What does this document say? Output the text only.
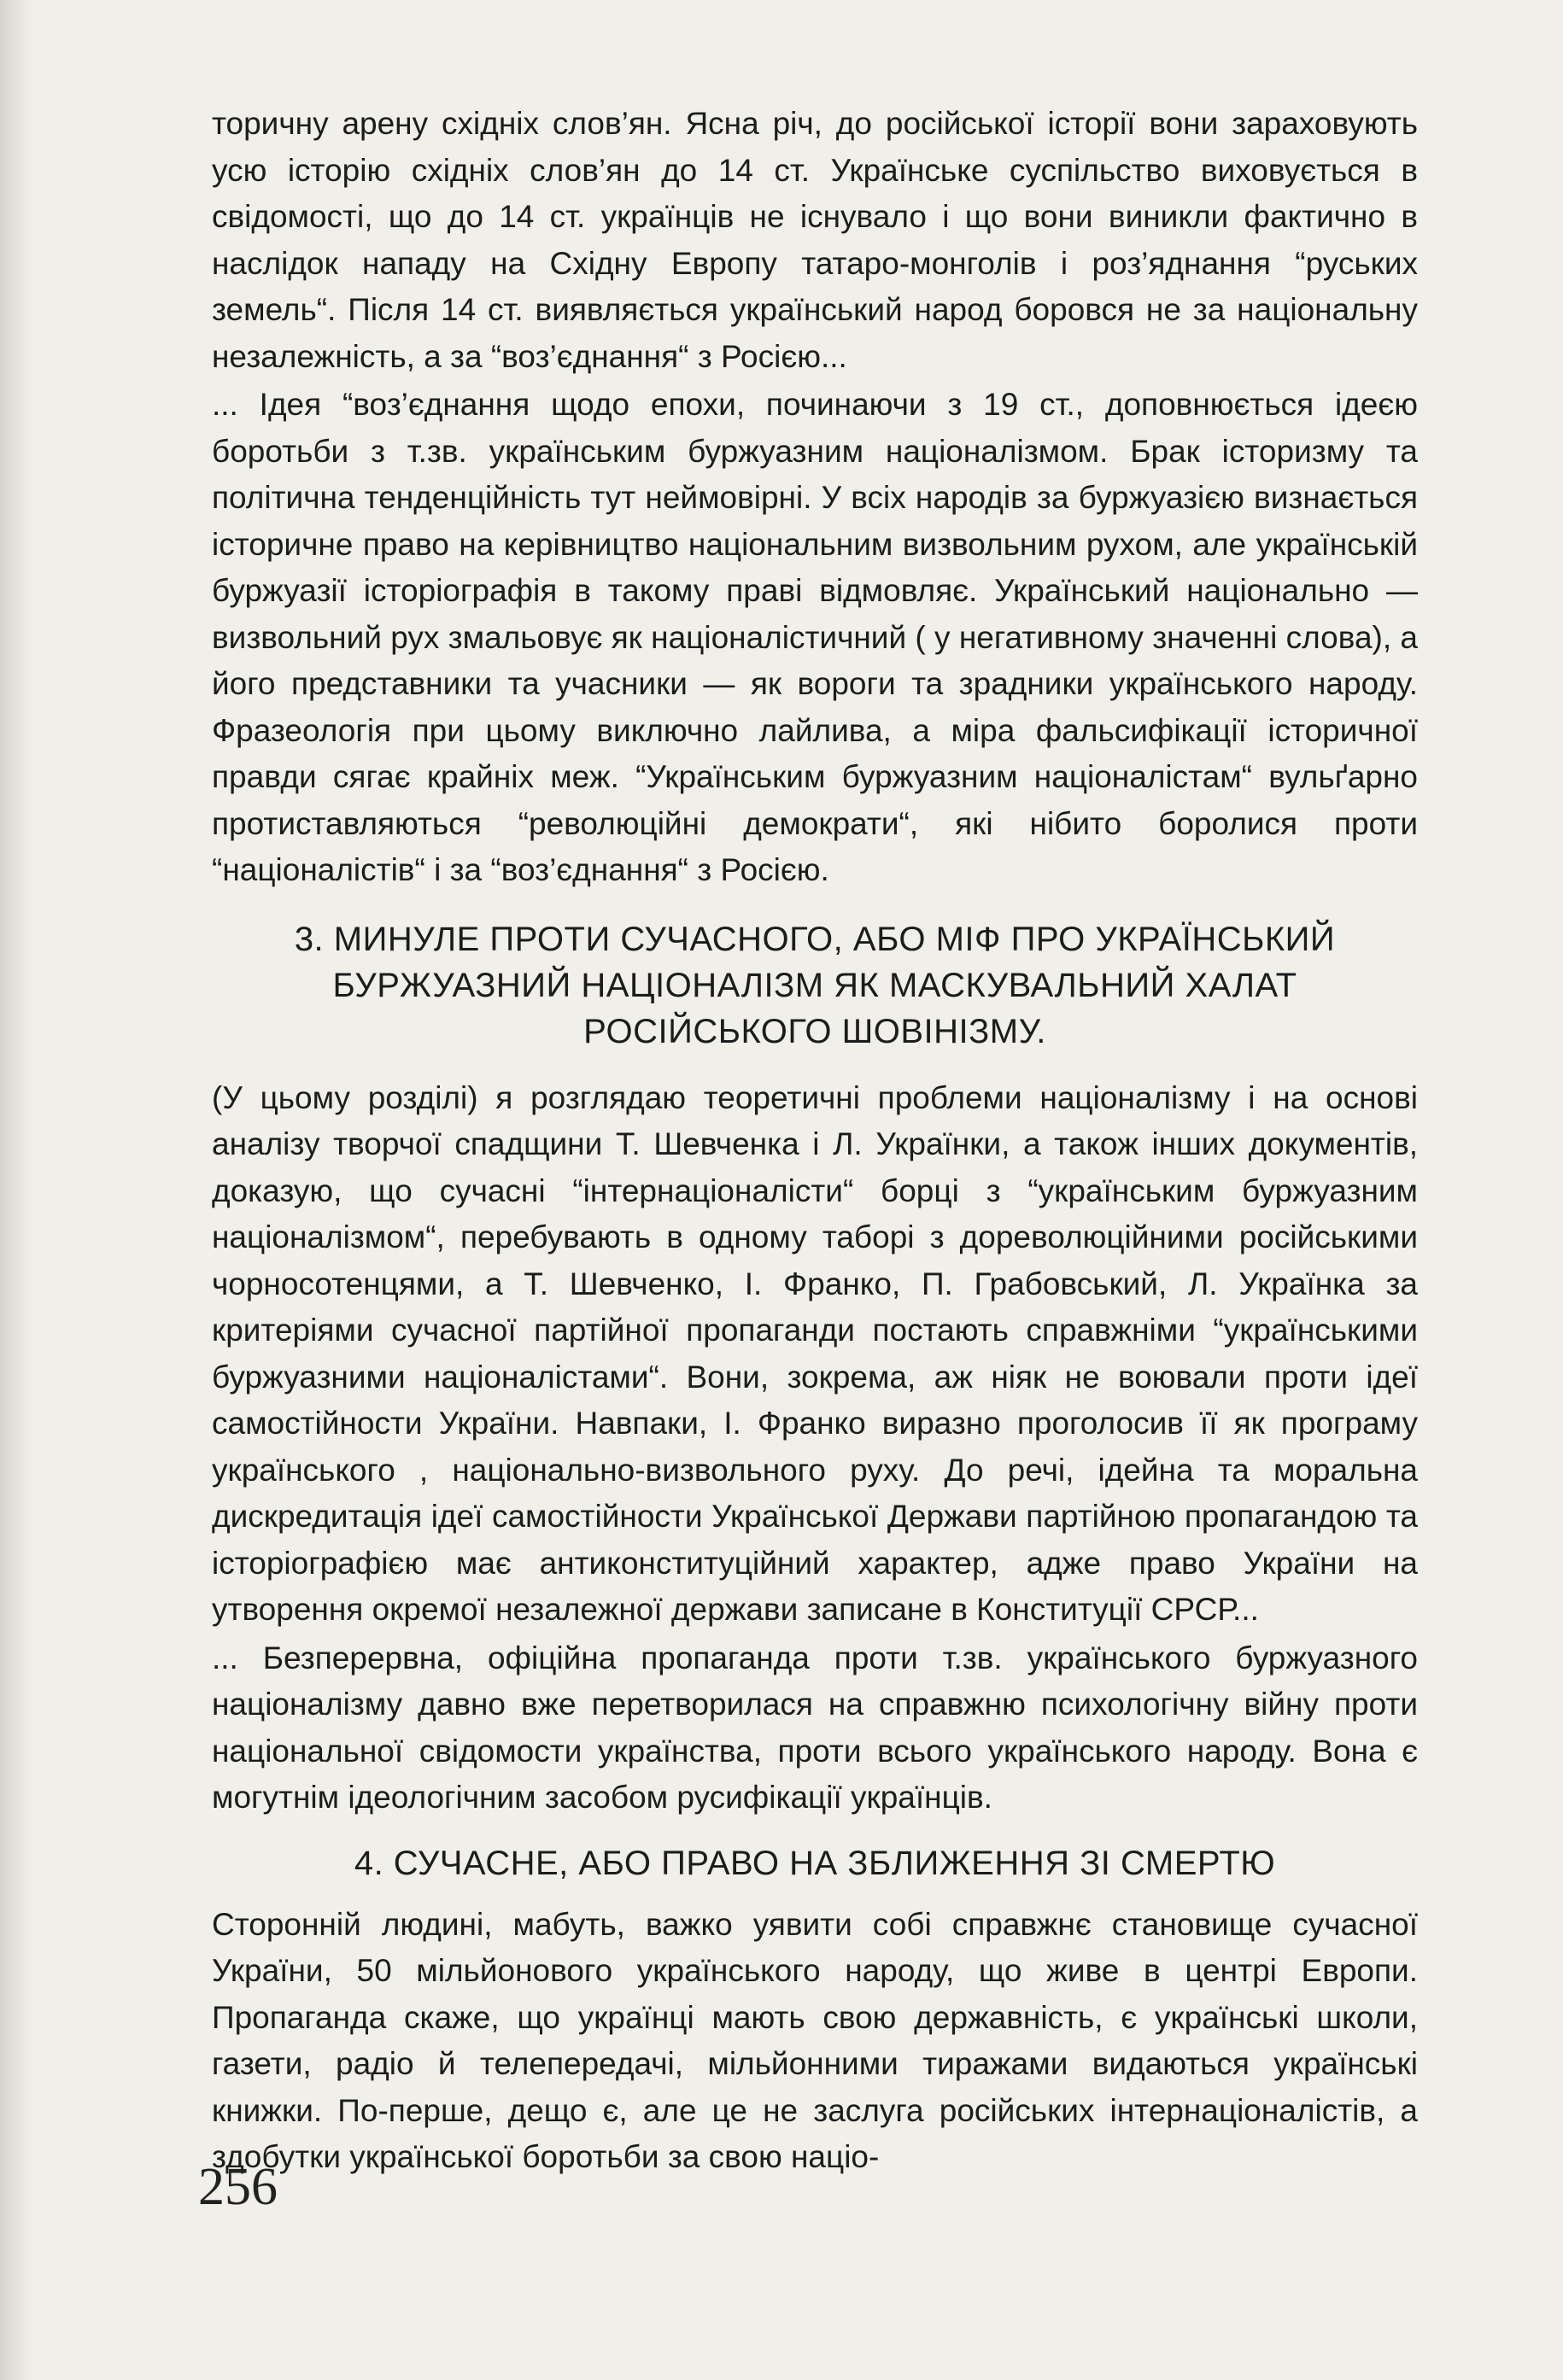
торичну арену східніх слов’ян. Ясна річ, до російської історії вони зараховують усю історію східніх слов’ян до 14 ст. Українське суспільство виховується в свідомості, що до 14 ст. українців не існувало і що вони виникли фактично в наслідок нападу на Східну Европу татаро-монголів і роз’яднання “руських земель“. Після 14 ст. виявляється український народ боровся не за національну незалежність, а за “воз’єднання“ з Росією...

... Ідея “воз’єднання щодо епохи, починаючи з 19 ст., доповнюється ідеєю боротьби з т.зв. українським буржуазним націоналізмом. Брак історизму та політична тенденційність тут неймовірні. У всіх народів за буржуазією визнається історичне право на керівництво національним визвольним рухом, але українській буржуазії історіографія в такому праві відмовляє. Український національно — визвольний рух змальовує як націоналістичний ( у негативному значенні слова), а його представники та учасники — як вороги та зрадники українського народу. Фразеологія при цьому виключно лайлива, а міра фальсифікації історичної правди сягає крайніх меж. “Українським буржуазним націоналістам“ вульґарно протиставляються “революційні демократи“, які нібито боролися проти “націоналістів“ і за “воз’єднання“ з Росією.

3. МИНУЛЕ ПРОТИ СУЧАСНОГО, АБО МІФ ПРО УКРАЇНСЬКИЙ
БУРЖУАЗНИЙ НАЦІОНАЛІЗМ ЯК МАСКУВАЛЬНИЙ ХАЛАТ
РОСІЙСЬКОГО ШОВІНІЗМУ.

(У цьому розділі) я розглядаю теоретичні проблеми націоналізму і на основі аналізу творчої спадщини Т. Шевченка і Л. Українки, а також інших документів, доказую, що сучасні “інтернаціоналісти“ борці з “українським буржуазним націоналізмом“, перебувають в одному таборі з дореволюційними російськими чорносотенцями, а Т. Шевченко, І. Франко, П. Грабовський, Л. Українка за критеріями сучасної партійної пропаганди постають справжніми “українськими буржуазними націоналістами“. Вони, зокрема, аж ніяк не воювали проти ідеї самостійности України. Навпаки, І. Франко виразно проголосив її як програму українського , національно-визвольного руху. До речі, ідейна та моральна дискредитація ідеї самостійности Української Держави партійною пропагандою та історіографією має антиконституційний характер, адже право України на утворення окремої незалежної держави записане в Конституції СРСР...

... Безперервна, офіційна пропаганда проти т.зв. українського буржуазного націоналізму давно вже перетворилася на справжню психологічну війну проти національної свідомости українства, проти всього українського народу. Вона є могутнім ідеологічним засобом русифікації українців.

4. СУЧАСНЕ, АБО ПРАВО НА ЗБЛИЖЕННЯ ЗІ СМЕРТЮ

Сторонній людині, мабуть, важко уявити собі справжнє становище сучасної України, 50 мільйонового українського народу, що живе в центрі Европи. Пропаганда скаже, що українці мають свою державність, є українські школи, газети, радіо й телепередачі, мільйонними тиражами видаються українські книжки. По-перше, дещо є, але це не заслуга російських інтернаціоналістів, а здобутки української боротьби за свою націо-

256
